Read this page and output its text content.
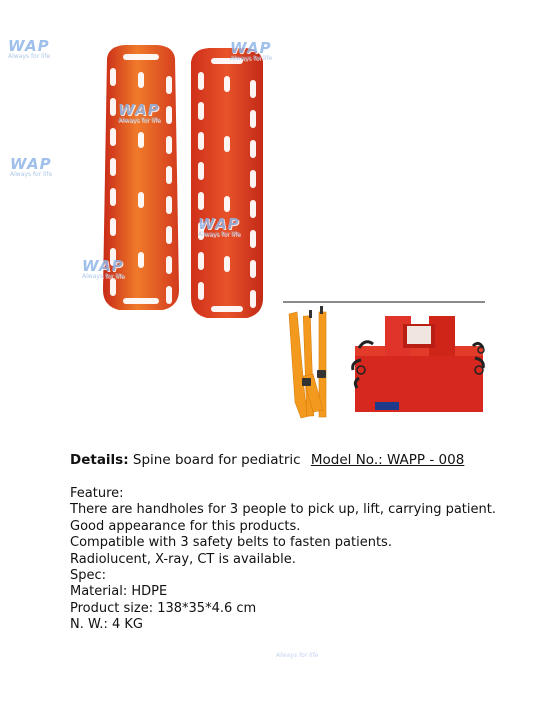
WAP
Always for life	WAP
Always for life
WAP
Always for life
WAP
Always for life
WAP
Always for life
WAP
Always for life
Details: Spine board for pediatric Model No.: WAPP - 008
Feature:
There are handholes for 3 people to pick up, lift, carrying patient.
Good appearance for this products.
Compatible with 3 safety belts to fasten patients.
Radiolucent, X-ray, CT is available.
Spec:
Material: HDPE
Product size: 138*35*4.6 cm
N. W.: 4 KG
Always for life
